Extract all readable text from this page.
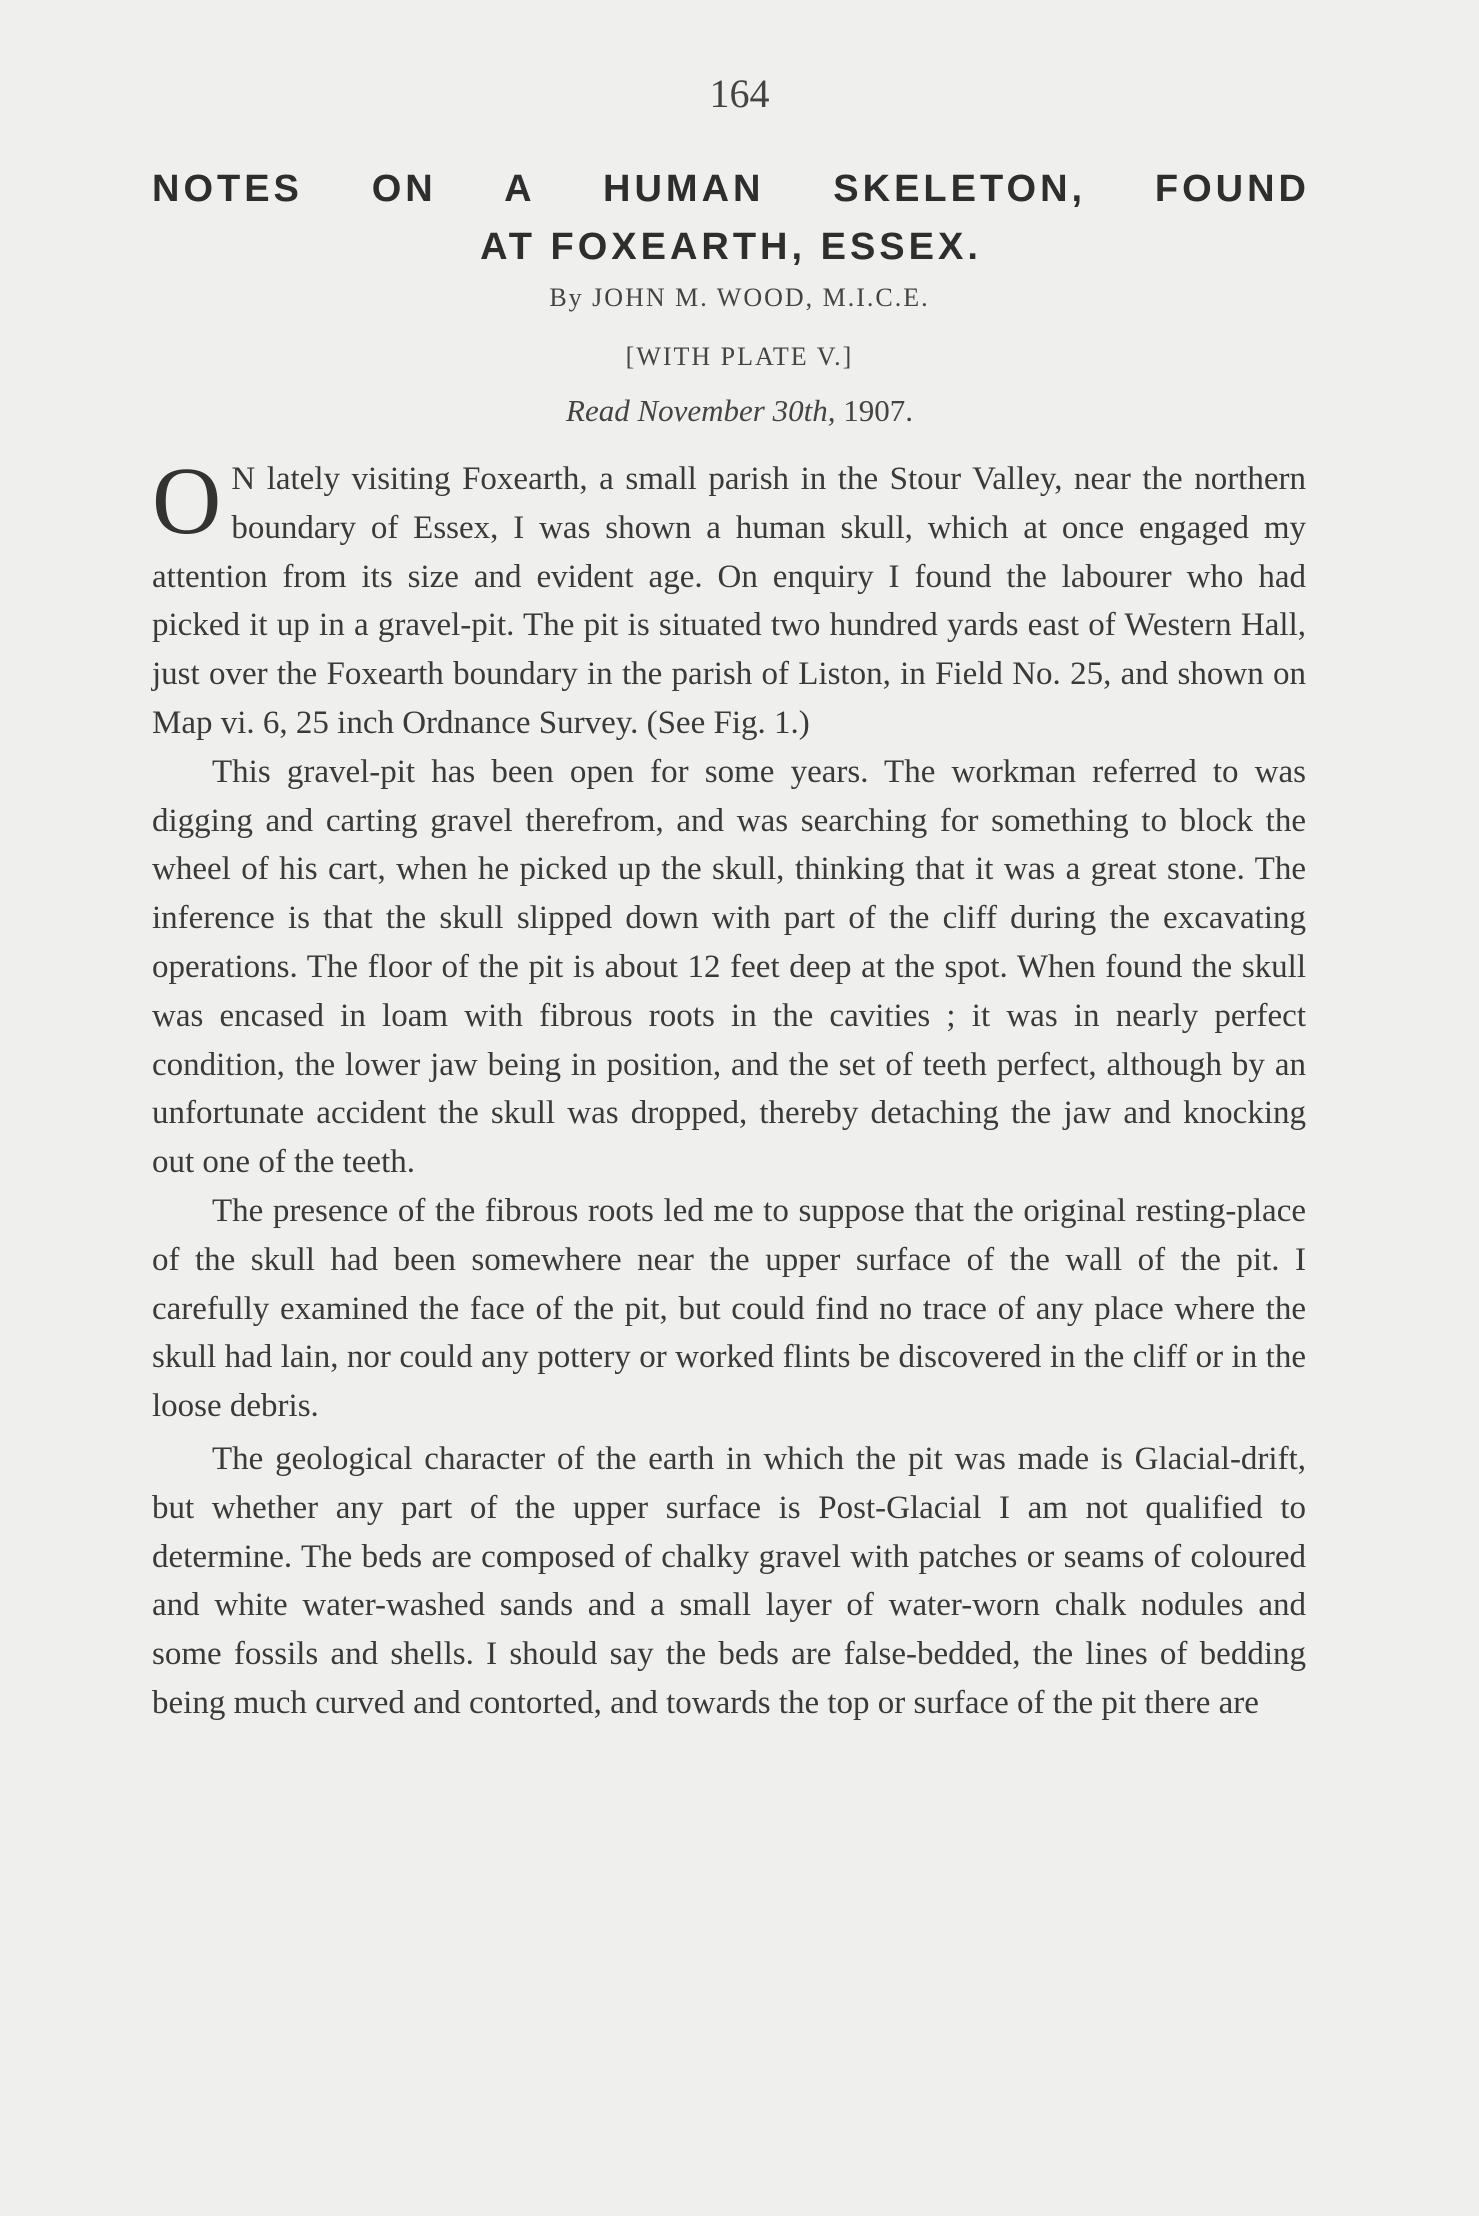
164
NOTES ON A HUMAN SKELETON, FOUND
AT FOXEARTH, ESSEX.
By JOHN M. WOOD, M.I.C.E.
[WITH PLATE V.]
Read November 30th, 1907.

O N lately visiting Foxearth, a small parish in the Stour Valley, near the northern boundary of Essex, I was shown a human skull, which at once engaged my attention from its size and evident age. On enquiry I found the labourer who had picked it up in a gravel-pit. The pit is situated two hundred yards east of Western Hall, just over the Foxearth boundary in the parish of Liston, in Field No. 25, and shown on Map vi. 6, 25 inch Ordnance Survey. (See Fig. 1.)

This gravel-pit has been open for some years. The workman referred to was digging and carting gravel therefrom, and was searching for something to block the wheel of his cart, when he picked up the skull, thinking that it was a great stone. The inference is that the skull slipped down with part of the cliff during the excavating operations. The floor of the pit is about 12 feet deep at the spot. When found the skull was encased in loam with fibrous roots in the cavities ; it was in nearly perfect condition, the lower jaw being in position, and the set of teeth perfect, although by an unfortunate accident the skull was dropped, thereby detaching the jaw and knocking out one of the teeth.

The presence of the fibrous roots led me to suppose that the original resting-place of the skull had been somewhere near the upper surface of the wall of the pit. I carefully examined the face of the pit, but could find no trace of any place where the skull had lain, nor could any pottery or worked flints be discovered in the cliff or in the loose debris.

The geological character of the earth in which the pit was made is Glacial-drift, but whether any part of the upper surface is Post-Glacial I am not qualified to determine. The beds are composed of chalky gravel with patches or seams of coloured and white water-washed sands and a small layer of water-worn chalk nodules and some fossils and shells. I should say the beds are false-bedded, the lines of bedding being much curved and contorted, and towards the top or surface of the pit there are
